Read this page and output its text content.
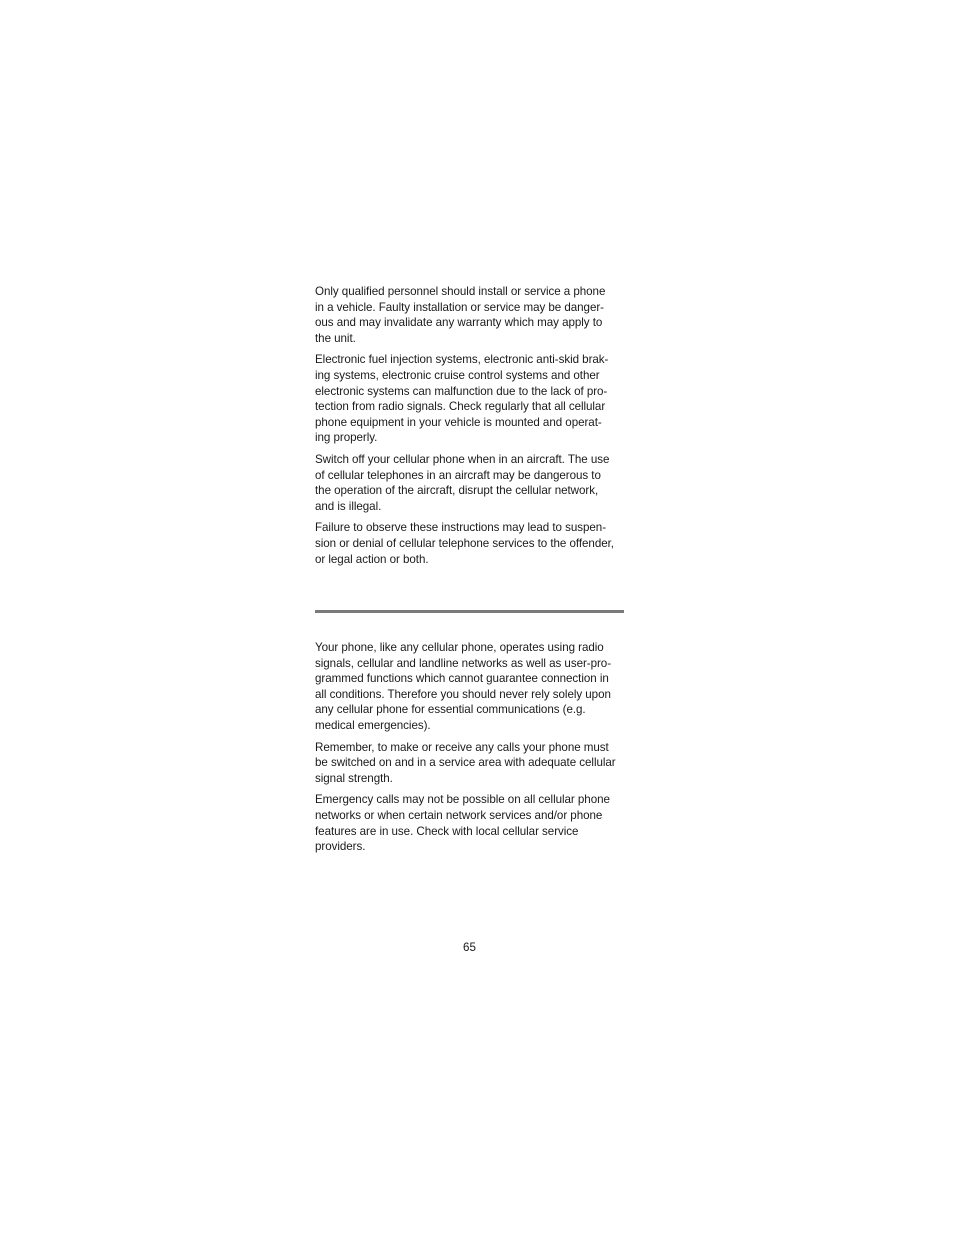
Only qualified personnel should install or service a phone
in a vehicle. Faulty installation or service may be danger-
ous and may invalidate any warranty which may apply to
the unit.

Electronic fuel injection systems, electronic anti-skid brak-
ing systems, electronic cruise control systems and other
electronic systems can malfunction due to the lack of pro-
tection from radio signals. Check regularly that all cellular
phone equipment in your vehicle is mounted and operat-
ing properly.

Switch off your cellular phone when in an aircraft. The use
of cellular telephones in an aircraft may be dangerous to
the operation of the aircraft, disrupt the cellular network,
and is illegal.

Failure to observe these instructions may lead to suspen-
sion or denial of cellular telephone services to the offender,
or legal action or both.

Your phone, like any cellular phone, operates using radio
signals, cellular and landline networks as well as user-pro-
grammed functions which cannot guarantee connection in
all conditions. Therefore you should never rely solely upon
any cellular phone for essential communications (e.g.
medical emergencies).

Remember, to make or receive any calls your phone must
be switched on and in a service area with adequate cellular
signal strength.

Emergency calls may not be possible on all cellular phone
networks or when certain network services and/or phone
features are in use. Check with local cellular service
providers.

65
